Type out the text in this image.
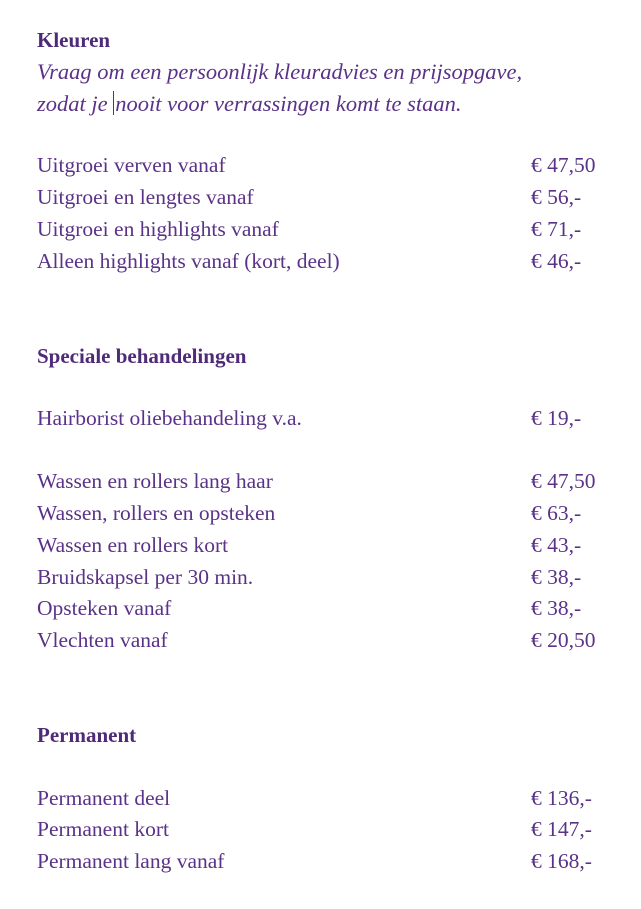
Kleuren
Vraag om een persoonlijk kleuradvies en prijsopgave,
zodat je nooit voor verrassingen komt te staan.
Uitgroei verven vanaf	€ 47,50
Uitgroei en lengtes vanaf	€ 56,-
Uitgroei en highlights vanaf	€ 71,-
Alleen highlights vanaf (kort, deel)	€ 46,-
Speciale behandelingen
Hairborist oliebehandeling v.a.	€ 19,-
Wassen en rollers lang haar	€ 47,50
Wassen, rollers en opsteken	€ 63,-
Wassen en rollers kort	€ 43,-
Bruidskapsel per 30 min.	€ 38,-
Opsteken vanaf	€ 38,-
Vlechten vanaf	€ 20,50
Permanent
Permanent deel	€ 136,-
Permanent kort	€ 147,-
Permanent lang vanaf	€ 168,-
